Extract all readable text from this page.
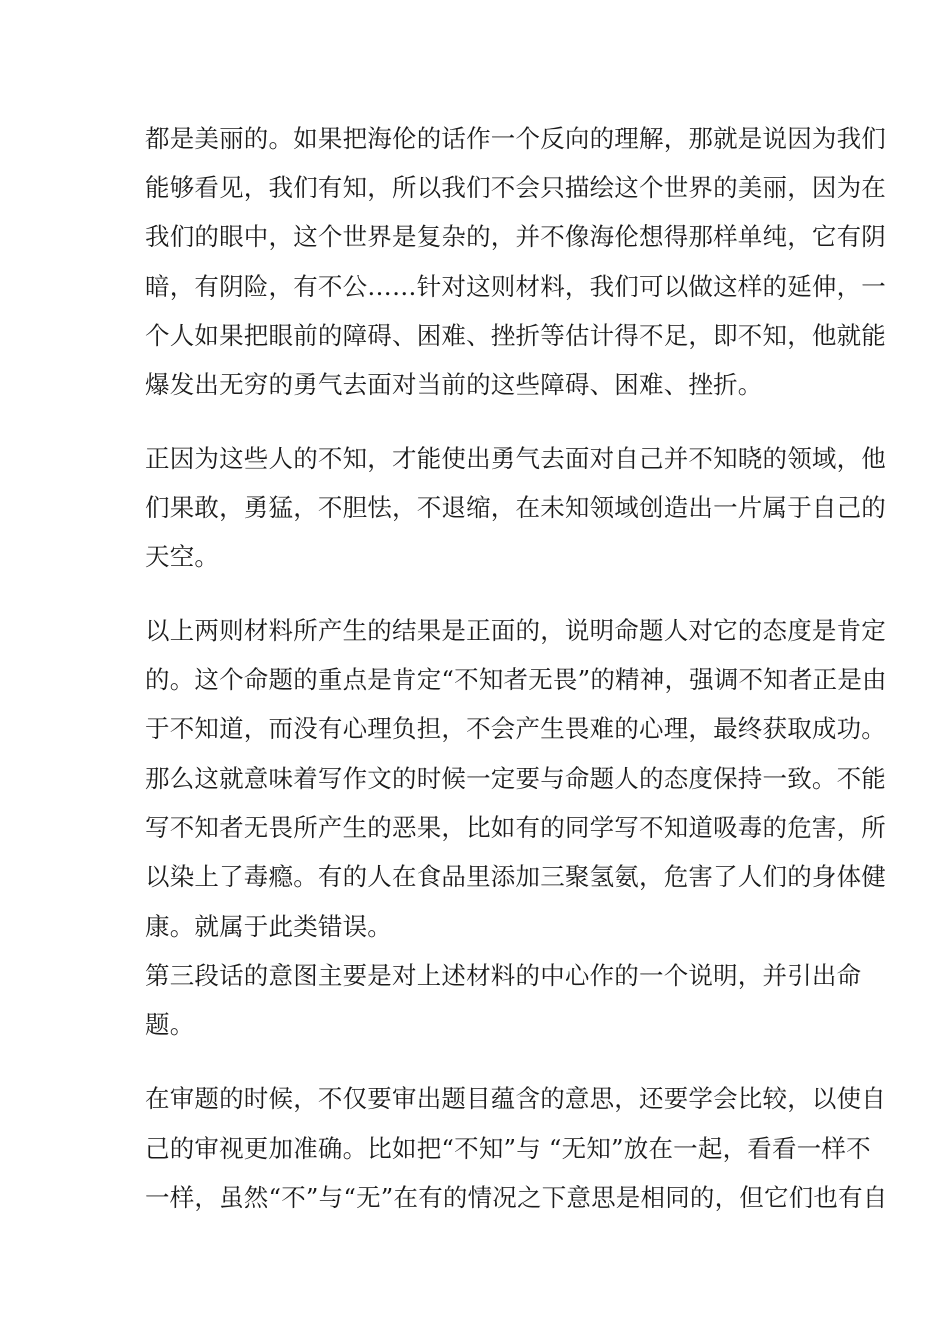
都是美丽的。如果把海伦的话作一个反向的理解，那就是说因为我们

能够看见，我们有知，所以我们不会只描绘这个世界的美丽，因为在

我们的眼中，这个世界是复杂的，并不像海伦想得那样单纯，它有阴

暗，有阴险，有不公……针对这则材料，我们可以做这样的延伸，一

个人如果把眼前的障碍、困难、挫折等估计得不足，即不知，他就能

爆发出无穷的勇气去面对当前的这些障碍、困难、挫折。

正因为这些人的不知，才能使出勇气去面对自己并不知晓的领域，他

们果敢，勇猛，不胆怯，不退缩，在未知领域创造出一片属于自己的

天空。

以上两则材料所产生的结果是正面的，说明命题人对它的态度是肯定

的。这个命题的重点是肯定“不知者无畏”的精神，强调不知者正是由

于不知道，而没有心理负担，不会产生畏难的心理，最终获取成功。

那么这就意味着写作文的时候一定要与命题人的态度保持一致。不能

写不知者无畏所产生的恶果，比如有的同学写不知道吸毒的危害，所

以染上了毒瘾。有的人在食品里添加三聚氢氨，危害了人们的身体健

康。就属于此类错误。

第三段话的意图主要是对上述材料的中心作的一个说明，并引出命

题。

在审题的时候，不仅要审出题目蕴含的意思，还要学会比较，以使自

己的审视更加准确。比如把“不知”与 “无知”放在一起，看看一样不

一样，虽然“不”与“无”在有的情况之下意思是相同的，但它们也有自
